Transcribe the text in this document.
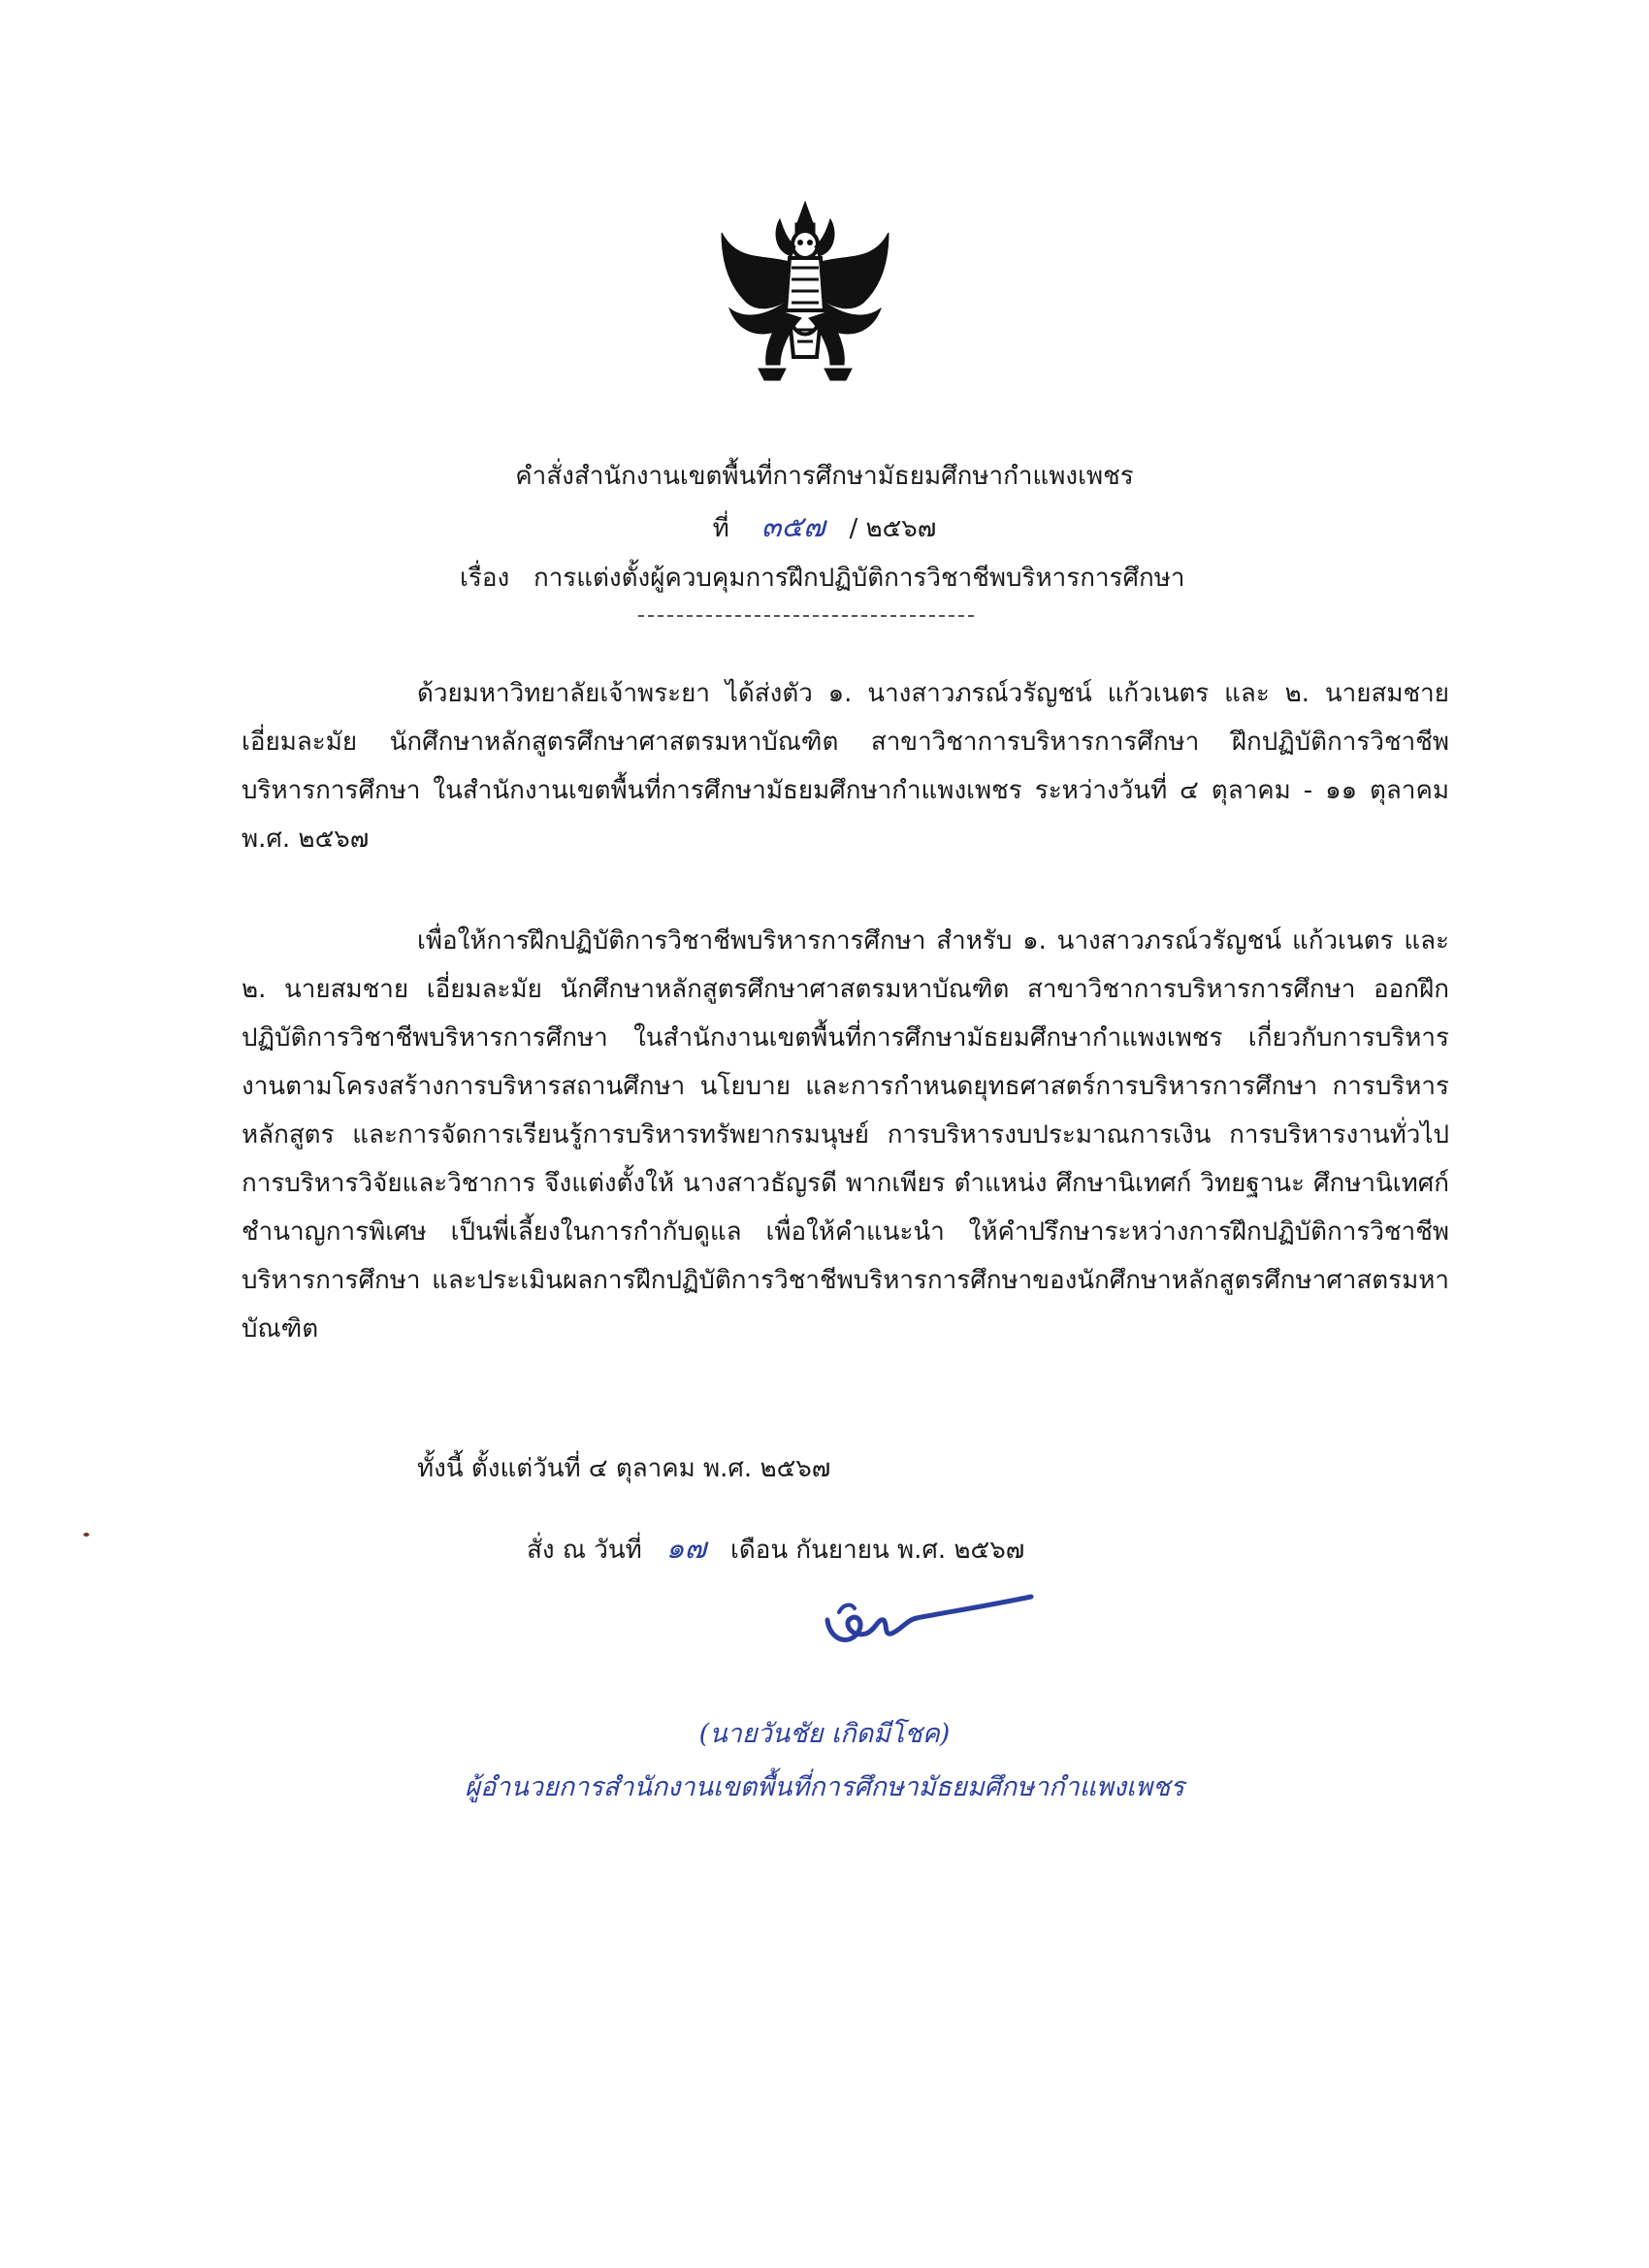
คำสั่งสำนักงานเขตพื้นที่การศึกษามัธยมศึกษากำแพงเพชร
ที่ ๓๕๗ / ๒๕๖๗
เรื่อง การแต่งตั้งผู้ควบคุมการฝึกปฏิบัติการวิชาชีพบริหารการศึกษา

ด้วยมหาวิทยาลัยเจ้าพระยา ได้ส่งตัว ๑. นางสาวภรณ์วรัญชน์ แก้วเนตร และ ๒. นายสมชาย เอี่ยมละมัย นักศึกษาหลักสูตรศึกษาศาสตรมหาบัณฑิต สาขาวิชาการบริหารการศึกษา ฝึกปฏิบัติการวิชาชีพบริหารการศึกษา ในสำนักงานเขตพื้นที่การศึกษามัธยมศึกษากำแพงเพชร ระหว่างวันที่ ๔ ตุลาคม - ๑๑ ตุลาคม พ.ศ. ๒๕๖๗

เพื่อให้การฝึกปฏิบัติการวิชาชีพบริหารการศึกษา สำหรับ ๑. นางสาวภรณ์วรัญชน์ แก้วเนตร และ ๒. นายสมชาย เอี่ยมละมัย นักศึกษาหลักสูตรศึกษาศาสตรมหาบัณฑิต สาขาวิชาการบริหารการศึกษา ออกฝึกปฏิบัติการวิชาชีพบริหารการศึกษา ในสำนักงานเขตพื้นที่การศึกษามัธยมศึกษากำแพงเพชร เกี่ยวกับการบริหารงานตามโครงสร้างการบริหารสถานศึกษา นโยบาย และการกำหนดยุทธศาสตร์การบริหารการศึกษา การบริหารหลักสูตร และการจัดการเรียนรู้การบริหารทรัพยากรมนุษย์ การบริหารงบประมาณการเงิน การบริหารงานทั่วไป การบริหารวิจัยและวิชาการ จึงแต่งตั้งให้ นางสาวธัญรดี พากเพียร ตำแหน่ง ศึกษานิเทศก์ วิทยฐานะ ศึกษานิเทศก์ชำนาญการพิเศษ เป็นพี่เลี้ยงในการกำกับดูแล เพื่อให้คำแนะนำ ให้คำปรึกษาระหว่างการฝึกปฏิบัติการวิชาชีพบริหารการศึกษา และประเมินผลการฝึกปฏิบัติการวิชาชีพบริหารการศึกษาของนักศึกษาหลักสูตรศึกษาศาสตรมหาบัณฑิต

ทั้งนี้ ตั้งแต่วันที่ ๔ ตุลาคม พ.ศ. ๒๕๖๗
สั่ง ณ วันที่ ๑๗ เดือน กันยายน พ.ศ. ๒๕๖๗
(นายวันชัย เกิดมีโชค)
ผู้อำนวยการสำนักงานเขตพื้นที่การศึกษามัธยมศึกษากำแพงเพชร
